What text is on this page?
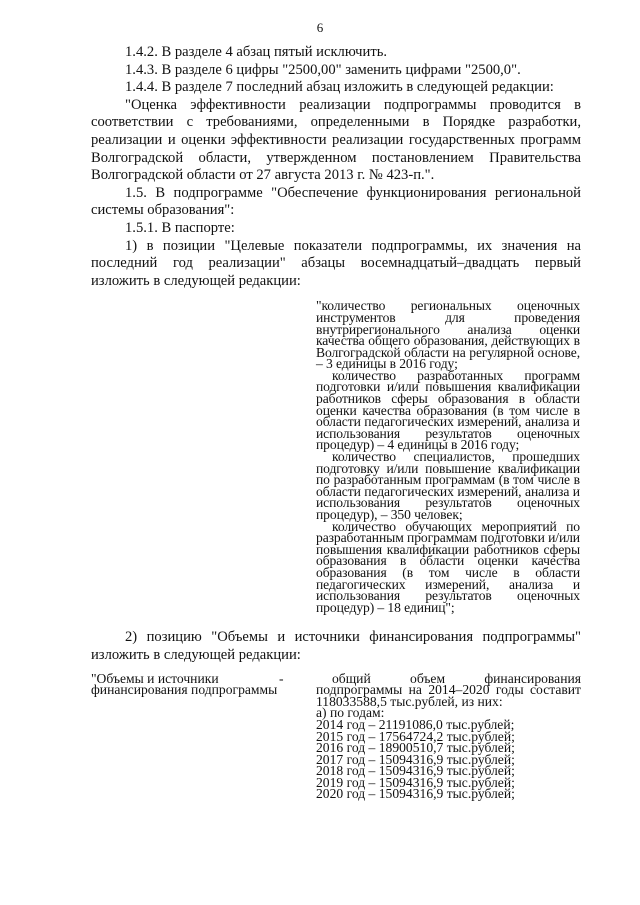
6

1.4.2. В разделе 4 абзац пятый исключить.

1.4.3. В разделе 6 цифры "2500,00" заменить цифрами "2500,0".

1.4.4. В разделе 7 последний абзац изложить в следующей редакции:

"Оценка эффективности реализации подпрограммы проводится в соответствии с требованиями, определенными в Порядке разработки, реализации и оценки эффективности реализации государственных программ Волгоградской области, утвержденном постановлением Правительства Волгоградской области от 27 августа 2013 г. № 423-п.".

1.5. В подпрограмме "Обеспечение функционирования региональной системы образования":

1.5.1. В паспорте:

1) в позиции "Целевые показатели подпрограммы, их значения на последний год реализации" абзацы восемнадцатый–двадцать первый изложить в следующей редакции:

"количество региональных оценочных инструментов для проведения внутрирегионального анализа оценки качества общего образования, действующих в Волгоградской области на регулярной основе, – 3 единицы в 2016 году;

количество разработанных программ подготовки и/или повышения квалификации работников сферы образования в области оценки качества образования (в том числе в области педагогических измерений, анализа и использования результатов оценочных процедур) – 4 единицы в 2016 году;

количество специалистов, прошедших подготовку и/или повышение квалификации по разработанным программам (в том числе в области педагогических измерений, анализа и использования результатов оценочных процедур), – 350 человек;

количество обучающих мероприятий по разработанным программам подготовки и/или повышения квалификации работников сферы образования в области оценки качества образования (в том числе в области педагогических измерений, анализа и использования результатов оценочных процедур) – 18 единиц";

2) позицию "Объемы и источники финансирования подпрограммы" изложить в следующей редакции:

"Объемы и источники финансирования подпрограммы
-	общий объем финансирования подпрограммы на 2014–2020 годы составит 118033588,5 тыс.рублей, из них:

а) по годам:

2014 год – 21191086,0 тыс.рублей;

2015 год – 17564724,2 тыс.рублей;

2016 год – 18900510,7 тыс.рублей;

2017 год – 15094316,9 тыс.рублей;

2018 год – 15094316,9 тыс.рублей;

2019 год – 15094316,9 тыс.рублей;

2020 год – 15094316,9 тыс.рублей;
